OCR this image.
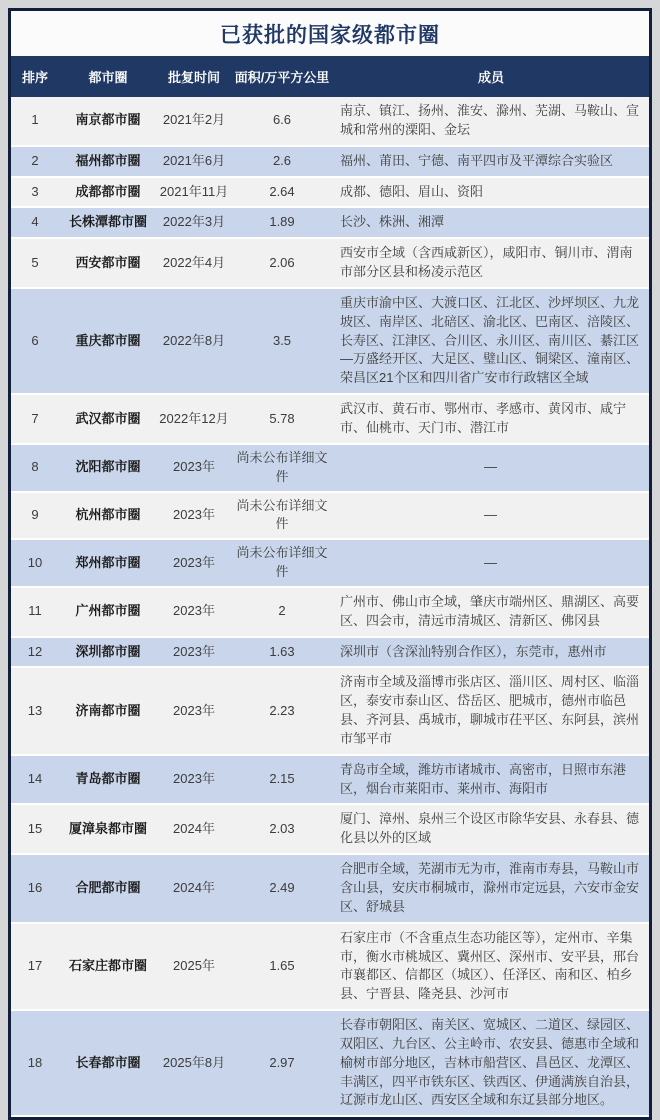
已获批的国家级都市圈
排序	都市圈	批复时间	面积/万平方公里	成员
1	南京都市圈	2021年2月	6.6	南京、镇江、扬州、淮安、滁州、芜湖、马鞍山、宣城和常州的溧阳、金坛
2	福州都市圈	2021年6月	2.6	福州、莆田、宁德、南平四市及平潭综合实验区
3	成都都市圈	2021年11月	2.64	成都、德阳、眉山、资阳
4	长株潭都市圈	2022年3月	1.89	长沙、株洲、湘潭
5	西安都市圈	2022年4月	2.06	西安市全域（含西咸新区），咸阳市、铜川市、渭南市部分区县和杨凌示范区
6	重庆都市圈	2022年8月	3.5	重庆市渝中区、大渡口区、江北区、沙坪坝区、九龙坡区、南岸区、北碚区、渝北区、巴南区、涪陵区、长寿区、江津区、合川区、永川区、南川区、綦江区—万盛经开区、大足区、璧山区、铜梁区、潼南区、荣昌区21个区和四川省广安市行政辖区全域
7	武汉都市圈	2022年12月	5.78	武汉市、黄石市、鄂州市、孝感市、黄冈市、咸宁市、仙桃市、天门市、潜江市
8	沈阳都市圈	2023年	尚未公布详细文件	—
9	杭州都市圈	2023年	尚未公布详细文件	—
10	郑州都市圈	2023年	尚未公布详细文件	—
11	广州都市圈	2023年	2	广州市、佛山市全域，肇庆市端州区、鼎湖区、高要区、四会市，清远市清城区、清新区、佛冈县
12	深圳都市圈	2023年	1.63	深圳市（含深汕特别合作区），东莞市，惠州市
13	济南都市圈	2023年	2.23	济南市全域及淄博市张店区、淄川区、周村区、临淄区，泰安市泰山区、岱岳区、肥城市，德州市临邑县、齐河县、禹城市，聊城市茌平区、东阿县，滨州市邹平市
14	青岛都市圈	2023年	2.15	青岛市全域，潍坊市诸城市、高密市，日照市东港区，烟台市莱阳市、莱州市、海阳市
15	厦漳泉都市圈	2024年	2.03	厦门、漳州、泉州三个设区市除华安县、永春县、德化县以外的区域
16	合肥都市圈	2024年	2.49	合肥市全域，芜湖市无为市，淮南市寿县，马鞍山市含山县，安庆市桐城市，滁州市定远县，六安市金安区、舒城县
17	石家庄都市圈	2025年	1.65	石家庄市（不含重点生态功能区等），定州市、辛集市，衡水市桃城区、冀州区、深州市、安平县，邢台市襄都区、信都区（城区）、任泽区、南和区、柏乡县、宁晋县、隆尧县、沙河市
18	长春都市圈	2025年8月	2.97	长春市朝阳区、南关区、宽城区、二道区、绿园区、双阳区、九台区、公主岭市、农安县、德惠市全域和榆树市部分地区，吉林市船营区、昌邑区、龙潭区、丰满区，四平市铁东区、铁西区、伊通满族自治县，辽源市龙山区、西安区全域和东辽县部分地区。
